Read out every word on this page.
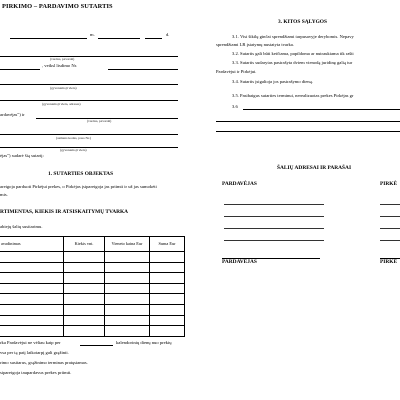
PIRKIMO – PARDAVIMO SUTARTIS
m.	d.
(vardas, pavardė)
, veiksl lisdimo Nr.
(gyvenamoji vieta)
(gyvenamoji vieta, adresas)
ardavėjas") ir
(vardas, pavardė)
(asmens kodas, paso Nr.)
(gyvenamoji vieta)
ėjas") sudarė šią sutartį:
1. SUTARTIES OBJEKTAS
areigoja parduoti Pirkėjui prekes, o Pirkėjas įsipareigoja jas priimti ir už jas sumokėti
mis.
RTIMENTAS, KIEKIS IR ATSISKAITYMŲ TVARKA
abiejų šalių susitarimu.
avadinimas	Kiekis vnt.	Vieneto kaina Eur	Suma Eur

rka Pardavėjui ne vėliau kaip per	kalendorinių dienų nuo prekių
vsa per tą patį laikotarpį gali grąžinti.
rimo susitarus, grąžinimo terminas pratęsiamas.
sipareigoja taupardavus prekes priimti.
3. KITOS SĄLYGOS
3.1. Visi šikilę ginčai sprendžiami tarpusavyje derybomis. Nepavy
sprendžiami LR įstatymų nustatyta tvarka.
3.2. Sutartis gali būti keičiama, papildoma ar nutraukiama tik rašti
3.3. Sutartis sudarytas pasirašyta dviem vienodą juridinę galią tur
Pardavėjui ir Pirkėjui.
3.4. Sutartis įsigalioja jos pasirašymo dieną.
3.5. Pasibaigus sutarties terminui, nerealizuotas prekes Pirkėjas gr
3.6
ŠALIŲ ADRESAI IR PARAŠAI
PARDAVĖJAS	PIRKĖ
PARDAVĖJAS	PIRKĖ
